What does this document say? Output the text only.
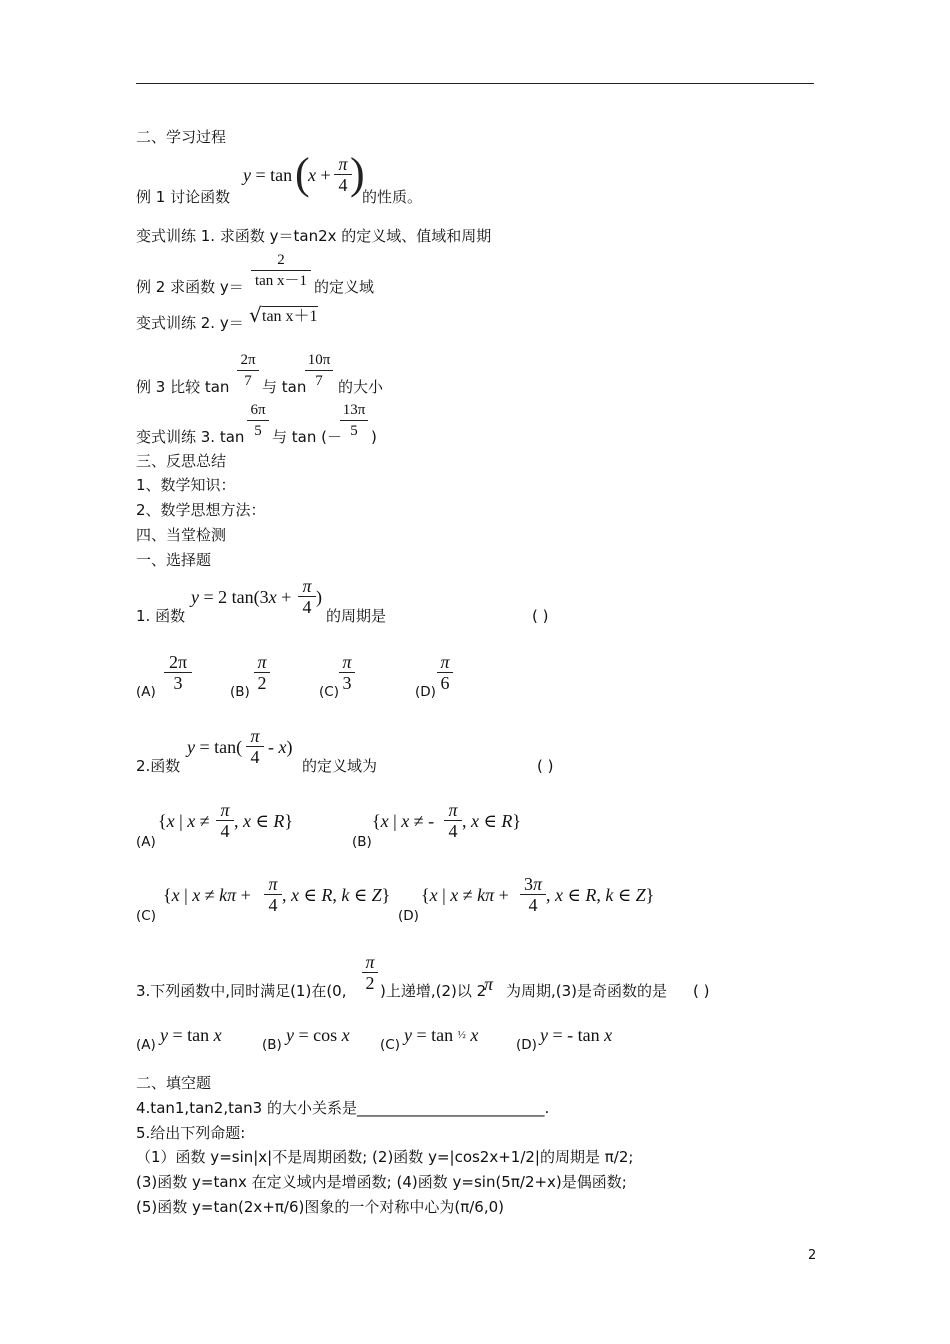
二、学习过程
例 1 讨论函数
y = tan (
x +
π
4 )
的性质。
变式训练 1. 求函数 y＝tan2x 的定义域、值域和周期
例 2 求函数 y＝
2
tan x－1 的定义域
变式训练 2. y＝ √ tan x＋1
例 3 比较 tan
2π
7 与 tan
10π
7	的大小
变式训练 3. tan
6π
5 与 tan (－
13π
5 )
三、反思总结
1、数学知识：
2、数学思想方法：
四、当堂检测
一、选择题
1. 函数
y = 2 tan(3x +
π
4 )
的周期是	( )
(A)
2π
3	(B)
π
2	(C)
π
3	(D)
π
6
2.函数
y = tan(
π
4 - x)
的定义域为	( )
(A)
{x | x ≠
π
4 , x ∈ R}
(B)
{x | x ≠ -
π
4 , x ∈ R}
(C)
{x | x ≠ kπ +
π
4 , x ∈ R, k ∈ Z}
(D)
{x | x ≠ kπ +
3π
4 , x ∈ R, k ∈ Z}
3.下列函数中,同时满足(1)在(0,
π
2 )上递增,(2)以 2
π 为周期,(3)是奇函数的是 ( )
(A) y = tan x	(B) y = cos x (C) y = tan ½ x	(D) y = - tan x
二、填空题
4.tan1,tan2,tan3 的大小关系是_________________________.
5.给出下列命题:
（1）函数 y=sin|x|不是周期函数; (2)函数 y=|cos2x+1/2|的周期是 π/2;
(3)函数 y=tanx 在定义域内是增函数; (4)函数 y=sin(5π/2+x)是偶函数;
(5)函数 y=tan(2x+π/6)图象的一个对称中心为(π/6,0)
2
